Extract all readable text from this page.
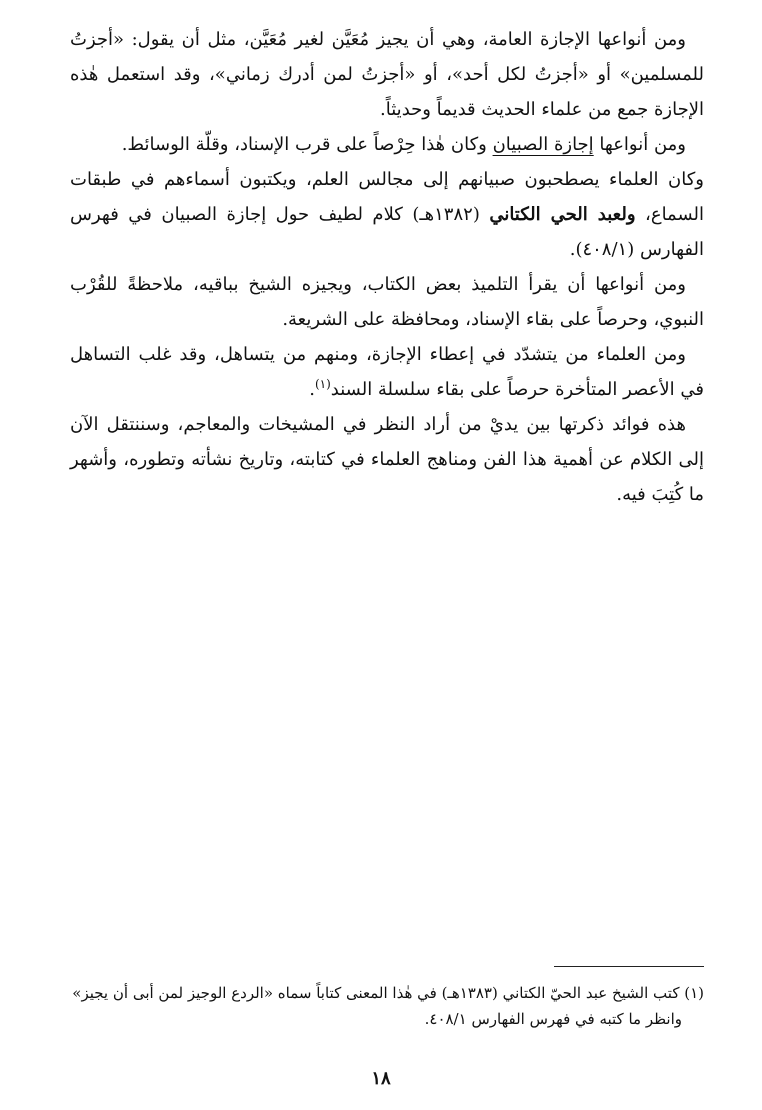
ومن أنواعها الإجازة العامة، وهي أن يجيز مُعَيَّن لغير مُعَيَّن، مثل أن يقول: «أجزتُ للمسلمين» أو «أجزتُ لكل أحد»، أو «أجزتُ لمن أدرك زماني»، وقد استعمل هٰذه الإجازة جمع من علماء الحديث قديماً وحديثاً.

ومن أنواعها إجازة الصبيان وكان هٰذا حِرْصاً على قرب الإسناد، وقلّة الوسائط.

وكان العلماء يصطحبون صبيانهم إلى مجالس العلم، ويكتبون أسماءهم في طبقات السماع، ولعبد الحي الكتاني (١٣٨٢هـ) كلام لطيف حول إجازة الصبيان في فهرس الفهارس (٤٠٨/١).

ومن أنواعها أن يقرأ التلميذ بعض الكتاب، ويجيزه الشيخ بباقيه، ملاحظةً للقُرْب النبوي، وحرصاً على بقاء الإسناد، ومحافظة على الشريعة.

ومن العلماء من يتشدّد في إعطاء الإجازة، ومنهم من يتساهل، وقد غلب التساهل في الأعصر المتأخرة حرصاً على بقاء سلسلة السند$^{(١)}$.

هذه فوائد ذكرتها بين يديْ من أراد النظر في المشيخات والمعاجم، وسننتقل الآن إلى الكلام عن أهمية هذا الفن ومناهج العلماء في كتابته، وتاريخ نشأته وتطوره، وأشهر ما كُتِبَ فيه.

(١) كتب الشيخ عبد الحيّ الكتاني (١٣٨٣هـ) في هٰذا المعنى كتاباً سماه «الردع الوجيز لمن أبى أن يجيز»

وانظر ما كتبه في فهرس الفهارس ٤٠٨/١.

١٨
